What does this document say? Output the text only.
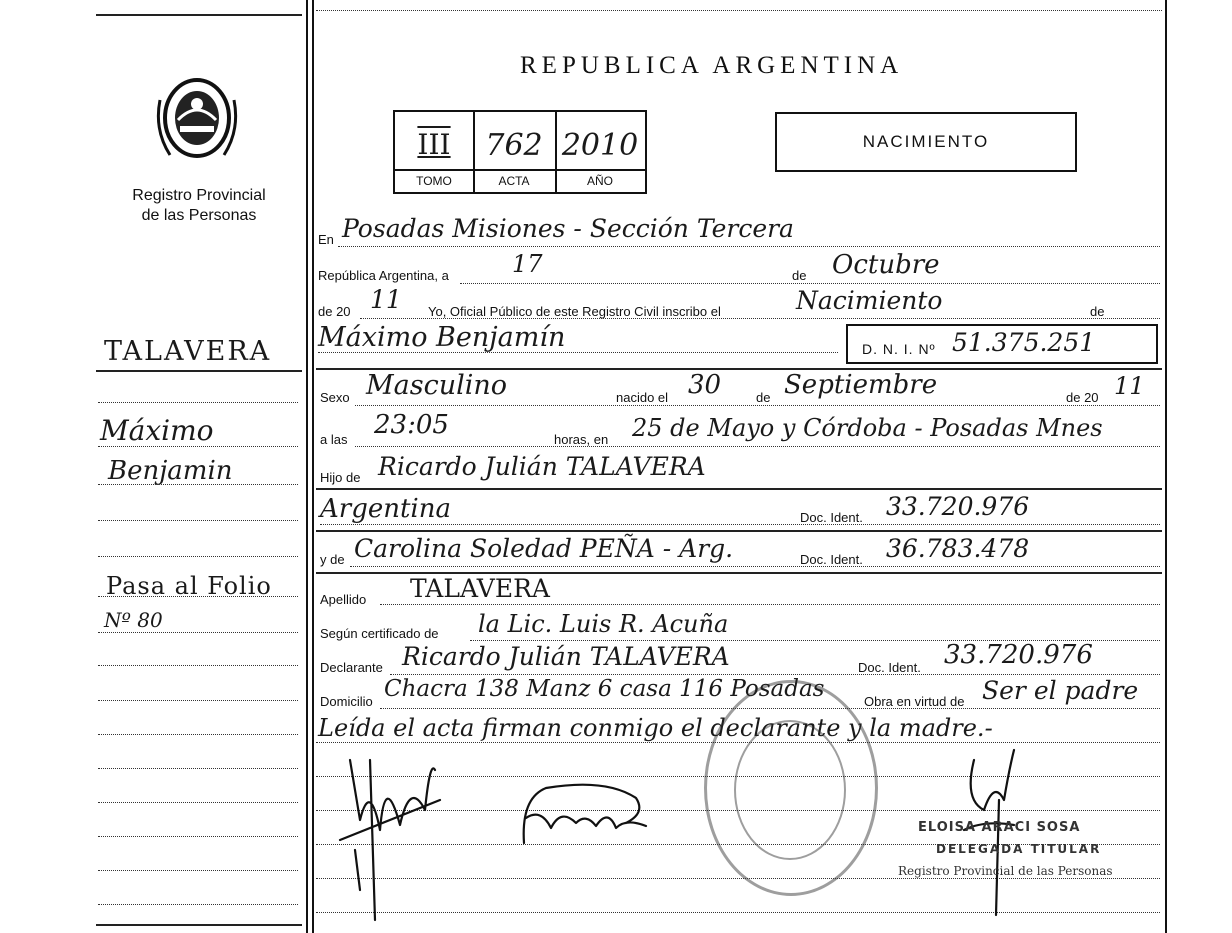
Registro Provincial
de las Personas
TALAVERA
Máximo
Benjamin
Pasa al Folio
Nº 80
REPUBLICA ARGENTINA
III	762 2010
TOMO	ACTA	AÑO
NACIMIENTO
En Posadas Misiones - Sección Tercera
República Argentina, a	17	de Octubre
de 20 11 Yo, Oficial Público de este Registro Civil inscribo el	Nacimiento	de
Máximo Benjamín	D. N. I. Nº 51.375.251
Sexo Masculino	nacido el 30	de Septiembre	de 20 11
a las 23:05	horas, en 25 de Mayo y Córdoba - Posadas Mnes
Hijo de Ricardo Julián TALAVERA
Argentina	Doc. Ident. 33.720.976
y de Carolina Soledad PEÑA - Arg.	Doc. Ident. 36.783.478
Apellido TALAVERA
Según certificado de la Lic. Luis R. Acuña
Declarante Ricardo Julián TALAVERA	Doc. Ident. 33.720.976
Domicilio Chacra 138 Manz 6 casa 116 Posadas	Obra en virtud de Ser el padre
Leída el acta firman conmigo el declarante y la madre.-
ELOISA ARACI SOSA
DELEGADA TITULAR
Registro Provincial de las Personas
